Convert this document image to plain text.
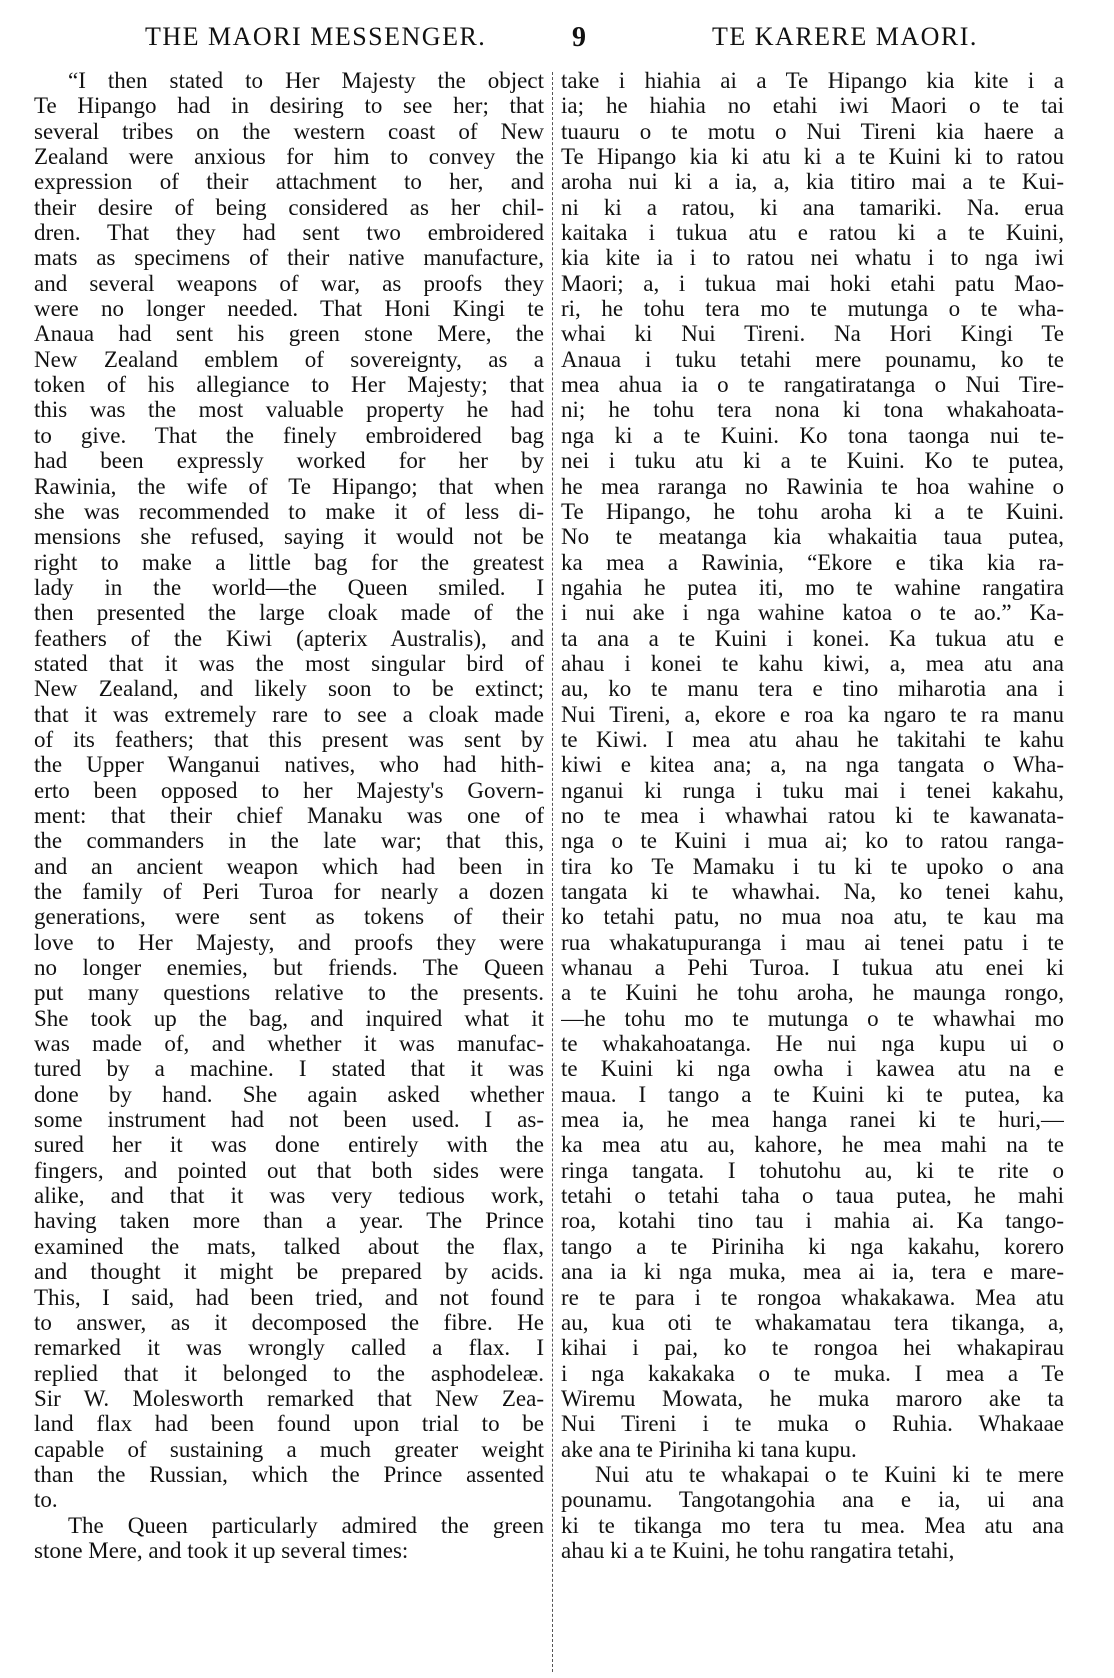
THE MAORI MESSENGER.	9	TE KARERE MAORI.
“I then stated to Her Majesty the object
Te Hipango had in desiring to see her; that
several tribes on the western coast of New
Zealand were anxious for him to convey the
expression of their attachment to her, and
their desire of being considered as her chil-
dren. That they had sent two embroidered
mats as specimens of their native manufacture,
and several weapons of war, as proofs they
were no longer needed. That Honi Kingi te
Anaua had sent his green stone Mere, the
New Zealand emblem of sovereignty, as a
token of his allegiance to Her Majesty; that
this was the most valuable property he had
to give. That the finely embroidered bag
had been expressly worked for her by
Rawinia, the wife of Te Hipango; that when
she was recommended to make it of less di-
mensions she refused, saying it would not be
right to make a little bag for the greatest
lady in the world—the Queen smiled. I
then presented the large cloak made of the
feathers of the Kiwi (apterix Australis), and
stated that it was the most singular bird of
New Zealand, and likely soon to be extinct;
that it was extremely rare to see a cloak made
of its feathers; that this present was sent by
the Upper Wanganui natives, who had hith-
erto been opposed to her Majesty's Govern-
ment: that their chief Manaku was one of
the commanders in the late war; that this,
and an ancient weapon which had been in
the family of Peri Turoa for nearly a dozen
generations, were sent as tokens of their
love to Her Majesty, and proofs they were
no longer enemies, but friends. The Queen
put many questions relative to the presents.
She took up the bag, and inquired what it
was made of, and whether it was manufac-
tured by a machine. I stated that it was
done by hand. She again asked whether
some instrument had not been used. I as-
sured her it was done entirely with the
fingers, and pointed out that both sides were
alike, and that it was very tedious work,
having taken more than a year. The Prince
examined the mats, talked about the flax,
and thought it might be prepared by acids.
This, I said, had been tried, and not found
to answer, as it decomposed the fibre. He
remarked it was wrongly called a flax. I
replied that it belonged to the asphodeleæ.
Sir W. Molesworth remarked that New Zea-
land flax had been found upon trial to be
capable of sustaining a much greater weight
than the Russian, which the Prince assented
to.
The Queen particularly admired the green
stone Mere, and took it up several times:
take i hiahia ai a Te Hipango kia kite i a
ia; he hiahia no etahi iwi Maori o te tai
tuauru o te motu o Nui Tireni kia haere a
Te Hipango kia ki atu ki a te Kuini ki to ratou
aroha nui ki a ia, a, kia titiro mai a te Kui-
ni ki a ratou, ki ana tamariki. Na. erua
kaitaka i tukua atu e ratou ki a te Kuini,
kia kite ia i to ratou nei whatu i to nga iwi
Maori; a, i tukua mai hoki etahi patu Mao-
ri, he tohu tera mo te mutunga o te wha-
whai ki Nui Tireni. Na Hori Kingi Te
Anaua i tuku tetahi mere pounamu, ko te
mea ahua ia o te rangatiratanga o Nui Tire-
ni; he tohu tera nona ki tona whakahoata-
nga ki a te Kuini. Ko tona taonga nui te-
nei i tuku atu ki a te Kuini. Ko te putea,
he mea raranga no Rawinia te hoa wahine o
Te Hipango, he tohu aroha ki a te Kuini.
No te meatanga kia whakaitia taua putea,
ka mea a Rawinia, “Ekore e tika kia ra-
ngahia he putea iti, mo te wahine rangatira
i nui ake i nga wahine katoa o te ao.” Ka-
ta ana a te Kuini i konei. Ka tukua atu e
ahau i konei te kahu kiwi, a, mea atu ana
au, ko te manu tera e tino miharotia ana i
Nui Tireni, a, ekore e roa ka ngaro te ra manu
te Kiwi. I mea atu ahau he takitahi te kahu
kiwi e kitea ana; a, na nga tangata o Wha-
nganui ki runga i tuku mai i tenei kakahu,
no te mea i whawhai ratou ki te kawanata-
nga o te Kuini i mua ai; ko to ratou ranga-
tira ko Te Mamaku i tu ki te upoko o ana
tangata ki te whawhai. Na, ko tenei kahu,
ko tetahi patu, no mua noa atu, te kau ma
rua whakatupuranga i mau ai tenei patu i te
whanau a Pehi Turoa. I tukua atu enei ki
a te Kuini he tohu aroha, he maunga rongo,
—he tohu mo te mutunga o te whawhai mo
te whakahoatanga. He nui nga kupu ui o
te Kuini ki nga owha i kawea atu na e
maua. I tango a te Kuini ki te putea, ka
mea ia, he mea hanga ranei ki te huri,—
ka mea atu au, kahore, he mea mahi na te
ringa tangata. I tohutohu au, ki te rite o
tetahi o tetahi taha o taua putea, he mahi
roa, kotahi tino tau i mahia ai. Ka tango-
tango a te Piriniha ki nga kakahu, korero
ana ia ki nga muka, mea ai ia, tera e mare-
re te para i te rongoa whakakawa. Mea atu
au, kua oti te whakamatau tera tikanga, a,
kihai i pai, ko te rongoa hei whakapirau
i nga kakakaka o te muka. I mea a Te
Wiremu Mowata, he muka maroro ake ta
Nui Tireni i te muka o Ruhia. Whakaae
ake ana te Piriniha ki tana kupu.
Nui atu te whakapai o te Kuini ki te mere
pounamu. Tangotangohia ana e ia, ui ana
ki te tikanga mo tera tu mea. Mea atu ana
ahau ki a te Kuini, he tohu rangatira tetahi,
